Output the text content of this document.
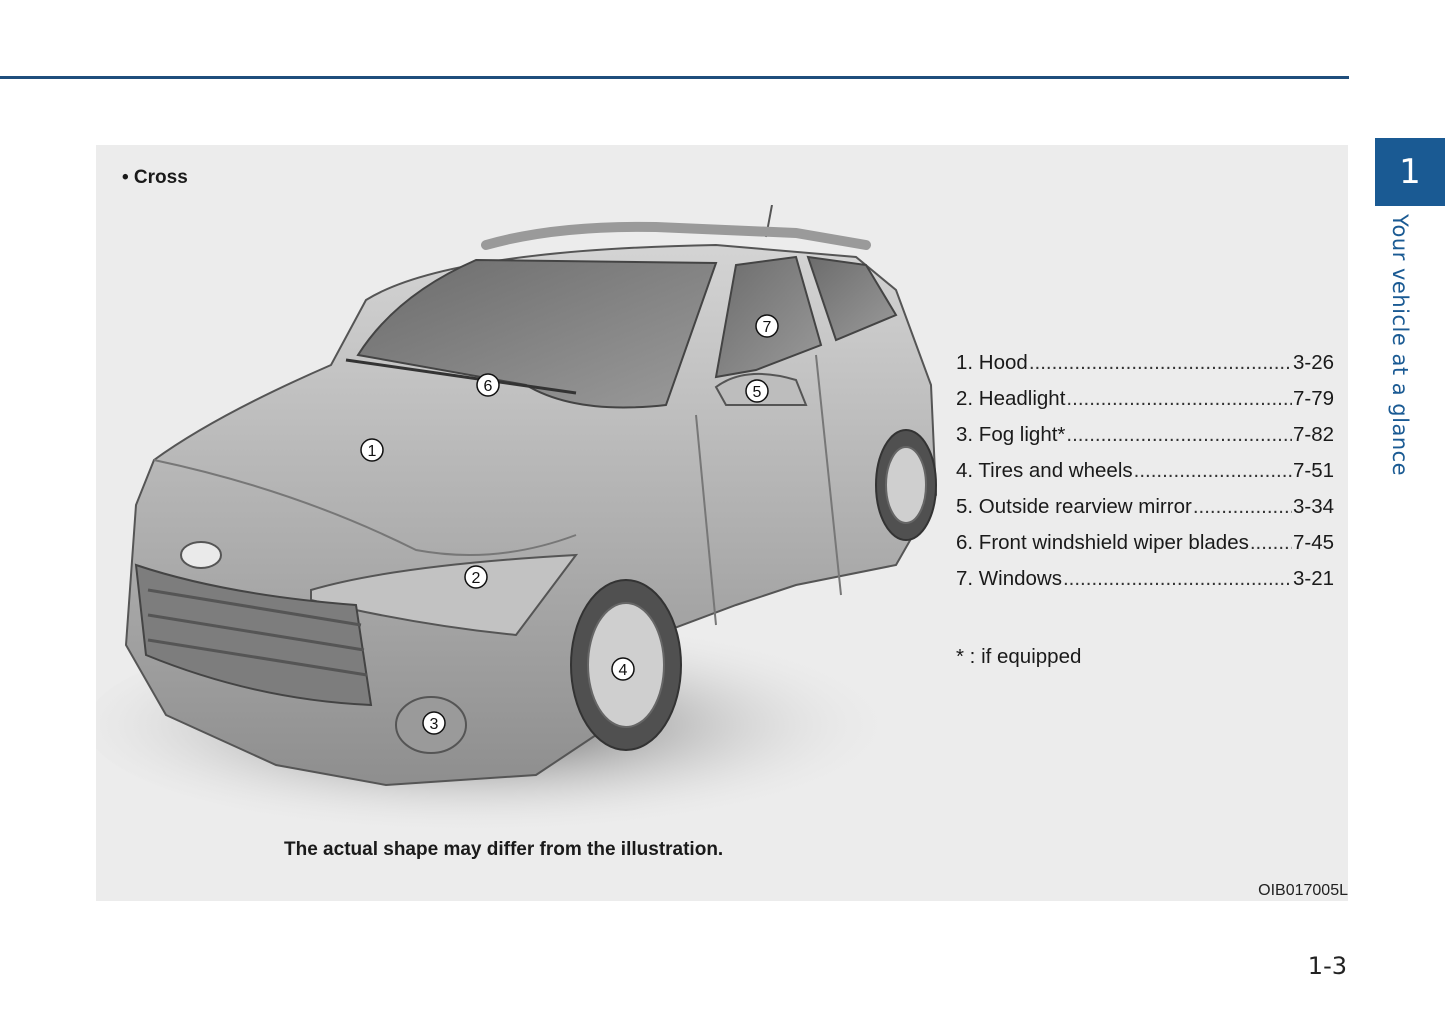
1
Your vehicle at a glance
• Cross
1
2
3
4
5
6
7
1. Hood .....	3-26
2. Headlight .....	7-79
3. Fog light* .....	7-82
4. Tires and wheels .....	7-51
5. Outside rearview mirror .....	3-34
6. Front windshield wiper blades ..... 7-45
7. Windows .....	3-21
* : if equipped
The actual shape may differ from the illustration.
OIB017005L
1-3
